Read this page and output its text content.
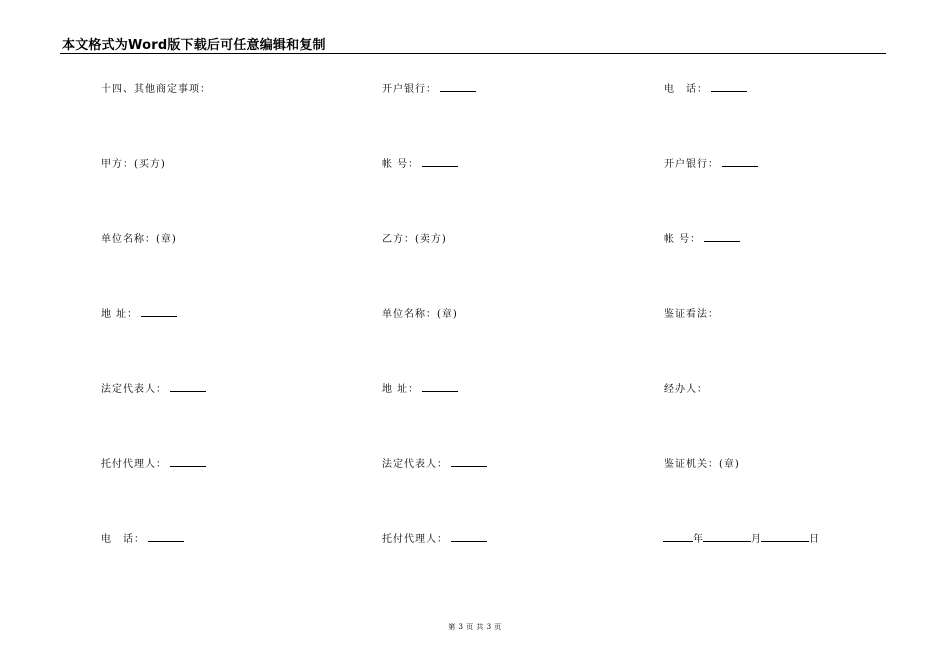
本文格式为Word版下载后可任意编辑和复制
十四、其他商定事项：	开户银行：	电　话：
甲方：(买方)	帐 号：	开户银行：
单位名称：(章)	乙方：(卖方)	帐 号：
地 址：	单位名称：(章)	鉴证看法：
法定代表人：	地 址：	经办人：
托付代理人：	法定代表人：	鉴证机关：(章)
电　话：	托付代理人：	年	月	日
第 3 页 共 3 页
